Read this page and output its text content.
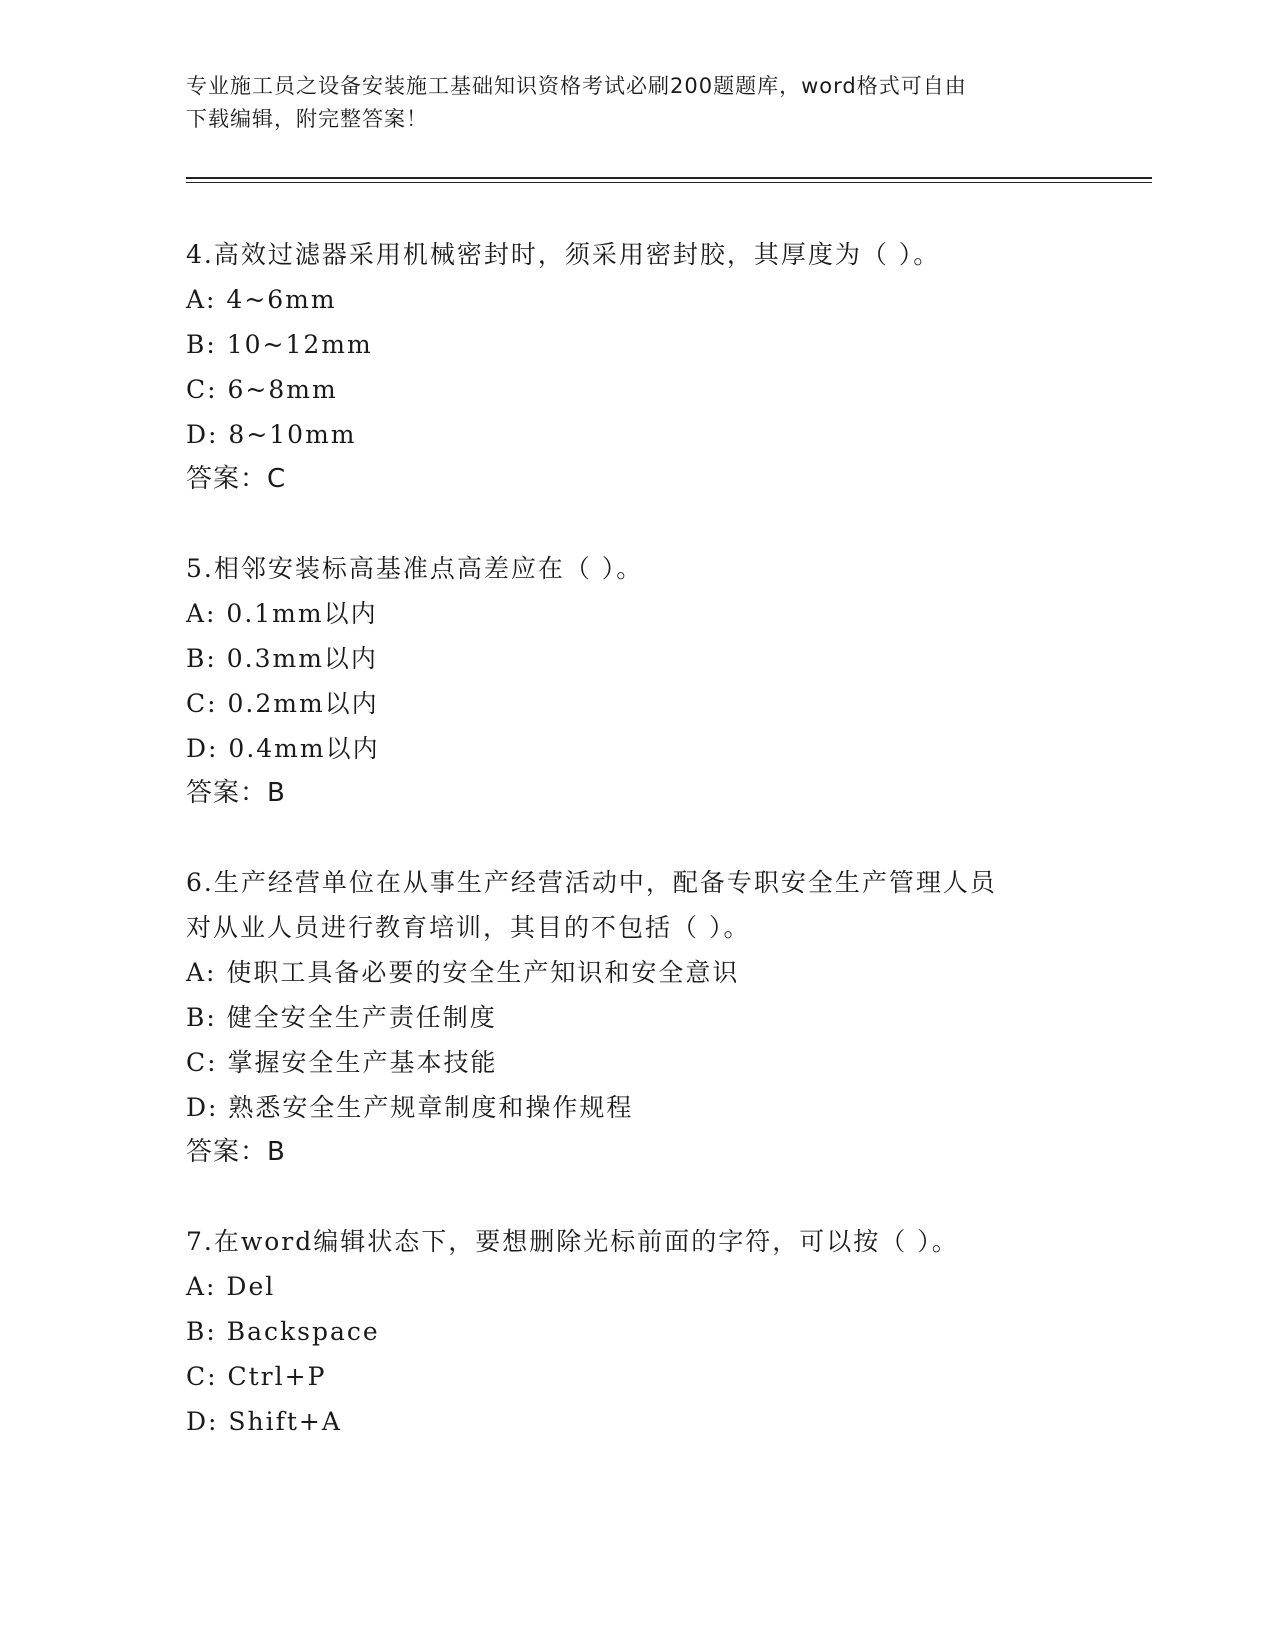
专业施工员之设备安装施工基础知识资格考试必刷200题题库，word格式可自由
下载编辑，附完整答案！
4.高效过滤器采用机械密封时，须采用密封胶，其厚度为（ ）。
A: 4~6mm
B: 10~12mm
C: 6~8mm
D: 8~10mm
答案：C
5.相邻安装标高基准点高差应在（ ）。
A: 0.1mm以内
B: 0.3mm以内
C: 0.2mm以内
D: 0.4mm以内
答案：B
6.生产经营单位在从事生产经营活动中，配备专职安全生产管理人员
对从业人员进行教育培训，其目的不包括（ ）。
A: 使职工具备必要的安全生产知识和安全意识
B: 健全安全生产责任制度
C: 掌握安全生产基本技能
D: 熟悉安全生产规章制度和操作规程
答案：B
7.在word编辑状态下，要想删除光标前面的字符，可以按（ ）。
A: Del
B: Backspace
C: Ctrl+P
D: Shift+A
